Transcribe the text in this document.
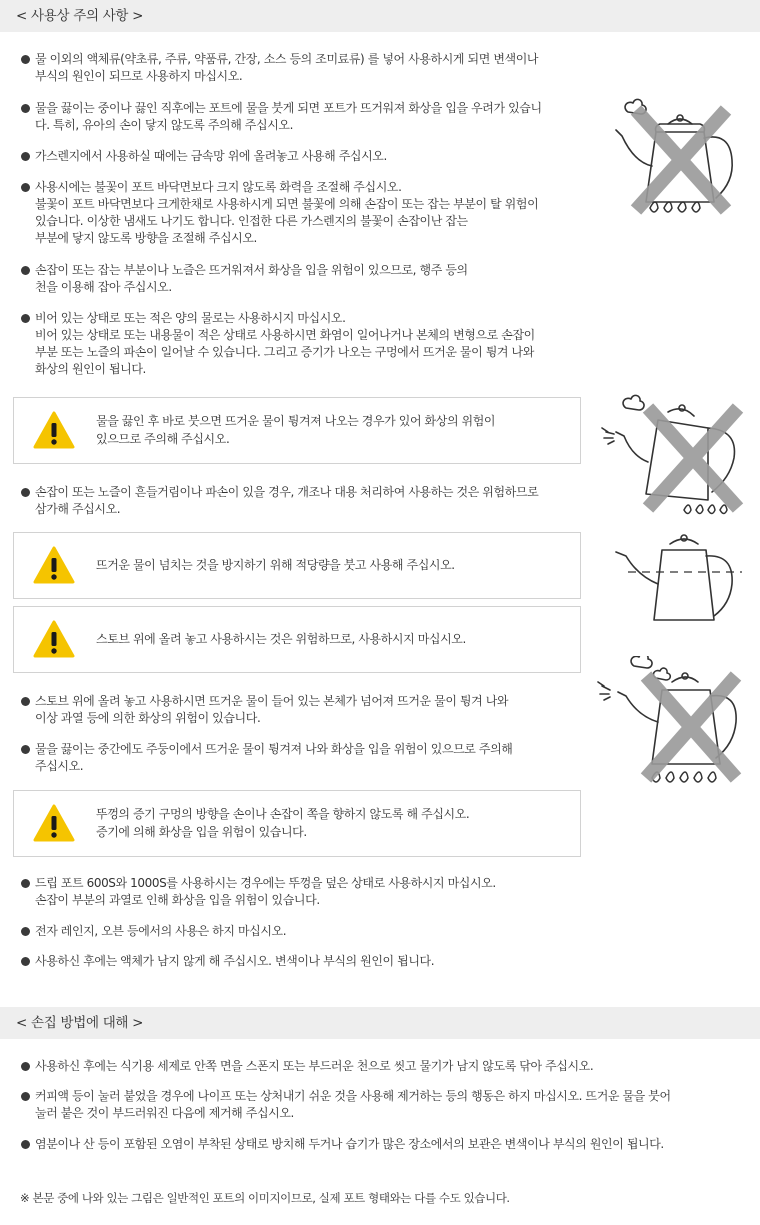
< 사용상 주의 사항 >
물 이외의 액체류(약초류, 주류, 약품류, 간장, 소스 등의 조미료류) 를 넣어 사용하시게 되면 변색이나
부식의 원인이 되므로 사용하지 마십시오.
물을 끓이는 중이나 끓인 직후에는 포트에 물을 붓게 되면 포트가 뜨거워져 화상을 입을 우려가 있습니
다. 특히, 유아의 손이 닿지 않도록 주의해 주십시오.
가스렌지에서 사용하실 때에는 금속망 위에 올려놓고 사용해 주십시오.
사용시에는 불꽃이 포트 바닥면보다 크지 않도록 화력을 조절해 주십시오.
불꽃이 포트 바닥면보다 크게한채로 사용하시게 되면 불꽃에 의해 손잡이 또는 잡는 부분이 탈 위험이
있습니다. 이상한 냄새도 나기도 합니다. 인접한 다른 가스렌지의 불꽃이 손잡이난 잡는
부분에 닿지 않도록 방향을 조절해 주십시오.
손잡이 또는 잡는 부분이나 노즐은 뜨거워져서 화상을 입을 위험이 있으므로, 행주 등의
천을 이용해 잡아 주십시오.
비어 있는 상태로 또는 적은 양의 물로는 사용하시지 마십시오.
비어 있는 상태로 또는 내용물이 적은 상태로 사용하시면 화염이 일어나거나 본체의 변형으로 손잡이
부분 또는 노즐의 파손이 일어날 수 있습니다. 그리고 증기가 나오는 구멍에서 뜨거운 물이 튕겨 나와
화상의 원인이 됩니다.
물을 끓인 후 바로 붓으면 뜨거운 물이 튕겨져 나오는 경우가 있어 화상의 위험이
있으므로 주의해 주십시오.
손잡이 또는 노즐이 흔들거림이나 파손이 있을 경우, 개조나 대용 처리하여 사용하는 것은 위험하므로
삼가해 주십시오.
뜨거운 물이 넘치는 것을 방지하기 위해 적당량을 붓고 사용해 주십시오.
스토브 위에 올려 놓고 사용하시는 것은 위험하므로, 사용하시지 마십시오.
스토브 위에 올려 놓고 사용하시면 뜨거운 물이 들어 있는 본체가 넘어져 뜨거운 물이 튕겨 나와
이상 과열 등에 의한 화상의 위험이 있습니다.
물을 끓이는 중간에도 주둥이에서 뜨거운 물이 튕겨져 나와 화상을 입을 위험이 있으므로 주의해
주십시오.
뚜껑의 증기 구멍의 방향을 손이나 손잡이 쪽을 향하지 않도록 해 주십시오.
증기에 의해 화상을 입을 위험이 있습니다.
드립 포트 600S와 1000S를 사용하시는 경우에는 뚜껑을 덮은 상태로 사용하시지 마십시오.
손잡이 부분의 과열로 인해 화상을 입을 위험이 있습니다.
전자 레인지, 오븐 등에서의 사용은 하지 마십시오.
사용하신 후에는 액체가 남지 않게 해 주십시오. 변색이나 부식의 원인이 됩니다.
< 손집 방법에 대해 >
사용하신 후에는 식기용 세제로 안쪽 면을 스폰지 또는 부드러운 천으로 씻고 물기가 남지 않도록 닦아 주십시오.
커피액 등이 눌러 붙었을 경우에 나이프 또는 상처내기 쉬운 것을 사용해 제거하는 등의 행동은 하지 마십시오. 뜨거운 물을 붓어
눌러 붙은 것이 부드러워진 다음에 제거해 주십시오.
염분이나 산 등이 포함된 오염이 부착된 상태로 방치해 두거나 습기가 많은 장소에서의 보관은 변색이나 부식의 원인이 됩니다.
※ 본문 중에 나와 있는 그림은 일반적인 포트의 이미지이므로, 실제 포트 형태와는 다를 수도 있습니다.
